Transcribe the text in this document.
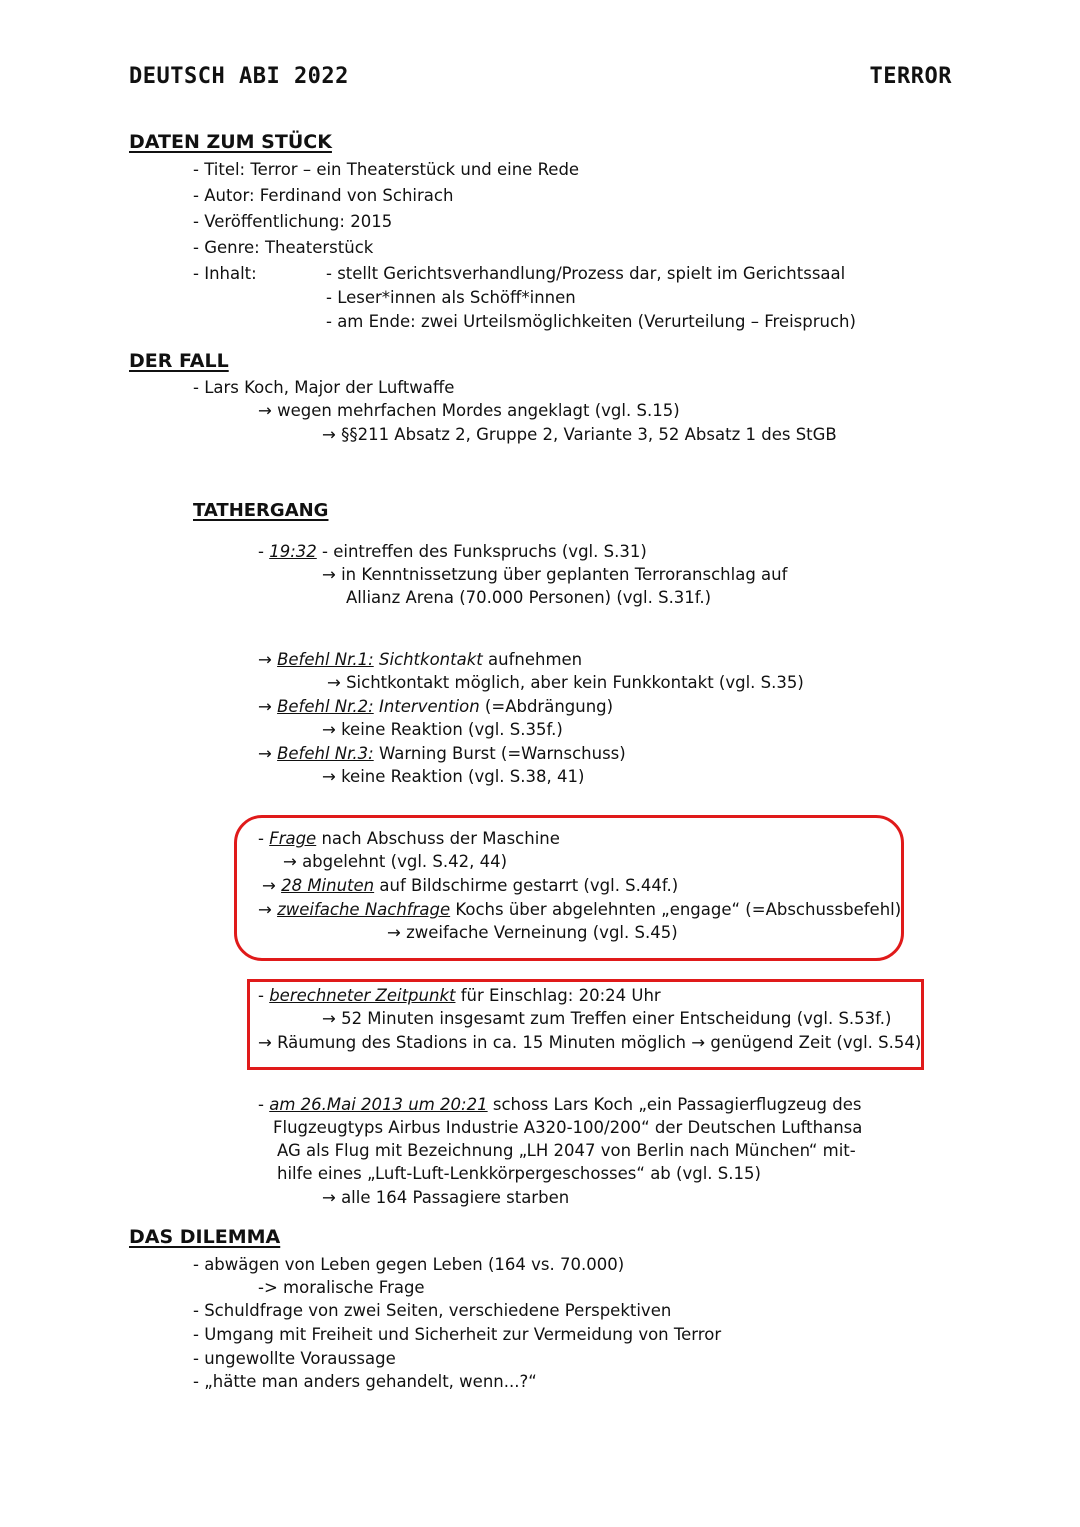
DEUTSCH ABI 2022	TERROR
DATEN ZUM STÜCK
- Titel: Terror – ein Theaterstück und eine Rede
- Autor: Ferdinand von Schirach
- Veröffentlichung: 2015
- Genre: Theaterstück
- Inhalt:	- stellt Gerichtsverhandlung/Prozess dar, spielt im Gerichtssaal
- Leser*innen als Schöff*innen
- am Ende: zwei Urteilsmöglichkeiten (Verurteilung – Freispruch)
DER FALL
- Lars Koch, Major der Luftwaffe
→ wegen mehrfachen Mordes angeklagt (vgl. S.15)
→ §§211 Absatz 2, Gruppe 2, Variante 3, 52 Absatz 1 des StGB
TATHERGANG
- 19:32 - eintreffen des Funkspruchs (vgl. S.31)
→ in Kenntnissetzung über geplanten Terroranschlag auf
Allianz Arena (70.000 Personen) (vgl. S.31f.)
→ Befehl Nr.1: Sichtkontakt aufnehmen
→ Sichtkontakt möglich, aber kein Funkkontakt (vgl. S.35)
→ Befehl Nr.2: Intervention (=Abdrängung)
→ keine Reaktion (vgl. S.35f.)
→ Befehl Nr.3: Warning Burst (=Warnschuss)
→ keine Reaktion (vgl. S.38, 41)
- Frage nach Abschuss der Maschine
→ abgelehnt (vgl. S.42, 44)
→ 28 Minuten auf Bildschirme gestarrt (vgl. S.44f.)
→ zweifache Nachfrage Kochs über abgelehnten „engage“ (=Abschussbefehl)
→ zweifache Verneinung (vgl. S.45)
- berechneter Zeitpunkt für Einschlag: 20:24 Uhr
→ 52 Minuten insgesamt zum Treffen einer Entscheidung (vgl. S.53f.)
→ Räumung des Stadions in ca. 15 Minuten möglich → genügend Zeit (vgl. S.54)
- am 26.Mai 2013 um 20:21 schoss Lars Koch „ein Passagierflugzeug des
Flugzeugtyps Airbus Industrie A320-100/200“ der Deutschen Lufthansa
AG als Flug mit Bezeichnung „LH 2047 von Berlin nach München“ mit-
hilfe eines „Luft-Luft-Lenkkörpergeschosses“ ab (vgl. S.15)
→ alle 164 Passagiere starben
DAS DILEMMA
- abwägen von Leben gegen Leben (164 vs. 70.000)
-> moralische Frage
- Schuldfrage von zwei Seiten, verschiedene Perspektiven
- Umgang mit Freiheit und Sicherheit zur Vermeidung von Terror
- ungewollte Voraussage
- „hätte man anders gehandelt, wenn...?“
